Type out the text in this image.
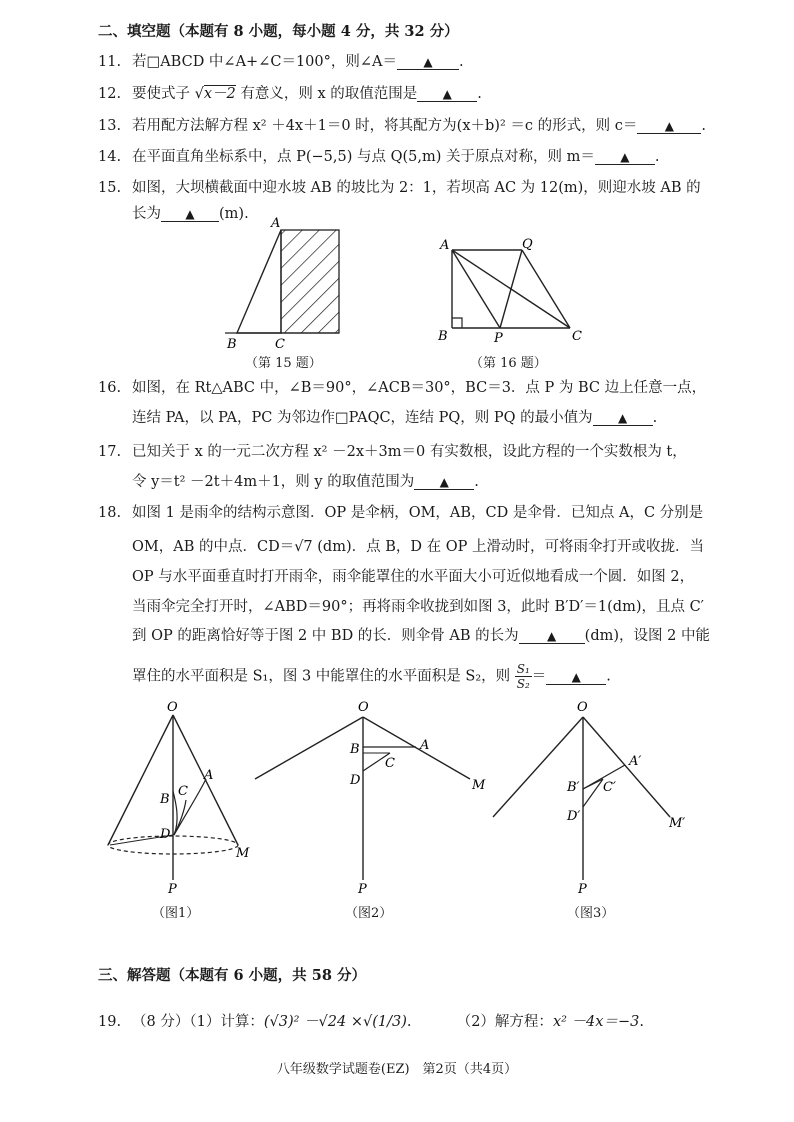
二、填空题（本题有 8 小题，每小题 4 分，共 32 分）
11. 若□ABCD 中∠A+∠C＝100°，则∠A＝ ▲ .
12. 要使式子 √x－2 有意义，则 x 的取值范围是 ▲ .
13. 若用配方法解方程 x² ＋4x＋1＝0 时，将其配方为(x＋b)² ＝c 的形式，则 c＝ ▲ .
14. 在平面直角坐标系中，点 P(−5,5) 与点 Q(5,m) 关于原点对称，则 m＝ ▲ .
15. 如图，大坝横截面中迎水坡 AB 的坡比为 2：1，若坝高 AC 为 12(m)，则迎水坡 AB 的
长为 ▲ (m).
A
B	C
（第 15 题）
A	Q
B	P	C
（第 16 题）
16. 如图，在 Rt△ABC 中，∠B＝90°，∠ACB＝30°，BC＝3．点 P 为 BC 边上任意一点，
连结 PA，以 PA，PC 为邻边作□PAQC，连结 PQ，则 PQ 的最小值为 ▲ .
17. 已知关于 x 的一元二次方程 x² －2x＋3m＝0 有实数根，设此方程的一个实数根为 t，
令 y＝t² －2t＋4m＋1，则 y 的取值范围为 ▲ .
18. 如图 1 是雨伞的结构示意图．OP 是伞柄，OM，AB，CD 是伞骨．已知点 A，C 分别是
OM，AB 的中点．CD＝√7 (dm)．点 B，D 在 OP 上滑动时，可将雨伞打开或收拢．当
OP 与水平面垂直时打开雨伞，雨伞能罩住的水平面大小可近似地看成一个圆．如图 2，
当雨伞完全打开时，∠ABD＝90°；再将雨伞收拢到如图 3，此时 B′D′＝1(dm)，且点 C′
到 OP 的距离恰好等于图 2 中 BD 的长．则伞骨 AB 的长为 ▲ (dm)，设图 2 中能
罩住的水平面积是 S₁，图 3 中能罩住的水平面积是 S₂，则 $\frac{\text{S₁}}{\text{S₂}}$ ＝ ▲ .
O
A
B
C
D
M
P
（图1）
O
B	A
C
D	M
P
（图2）
O
A′
B′ C′
D′	M′
P
（图3）
三、解答题（本题有 6 小题，共 58 分）
19. （8 分）（1）计算：(√3)² －√24 ×√(1/3).	（2）解方程：x² －4x＝−3.
八年级数学试题卷(EZ)　第2页（共4页）
